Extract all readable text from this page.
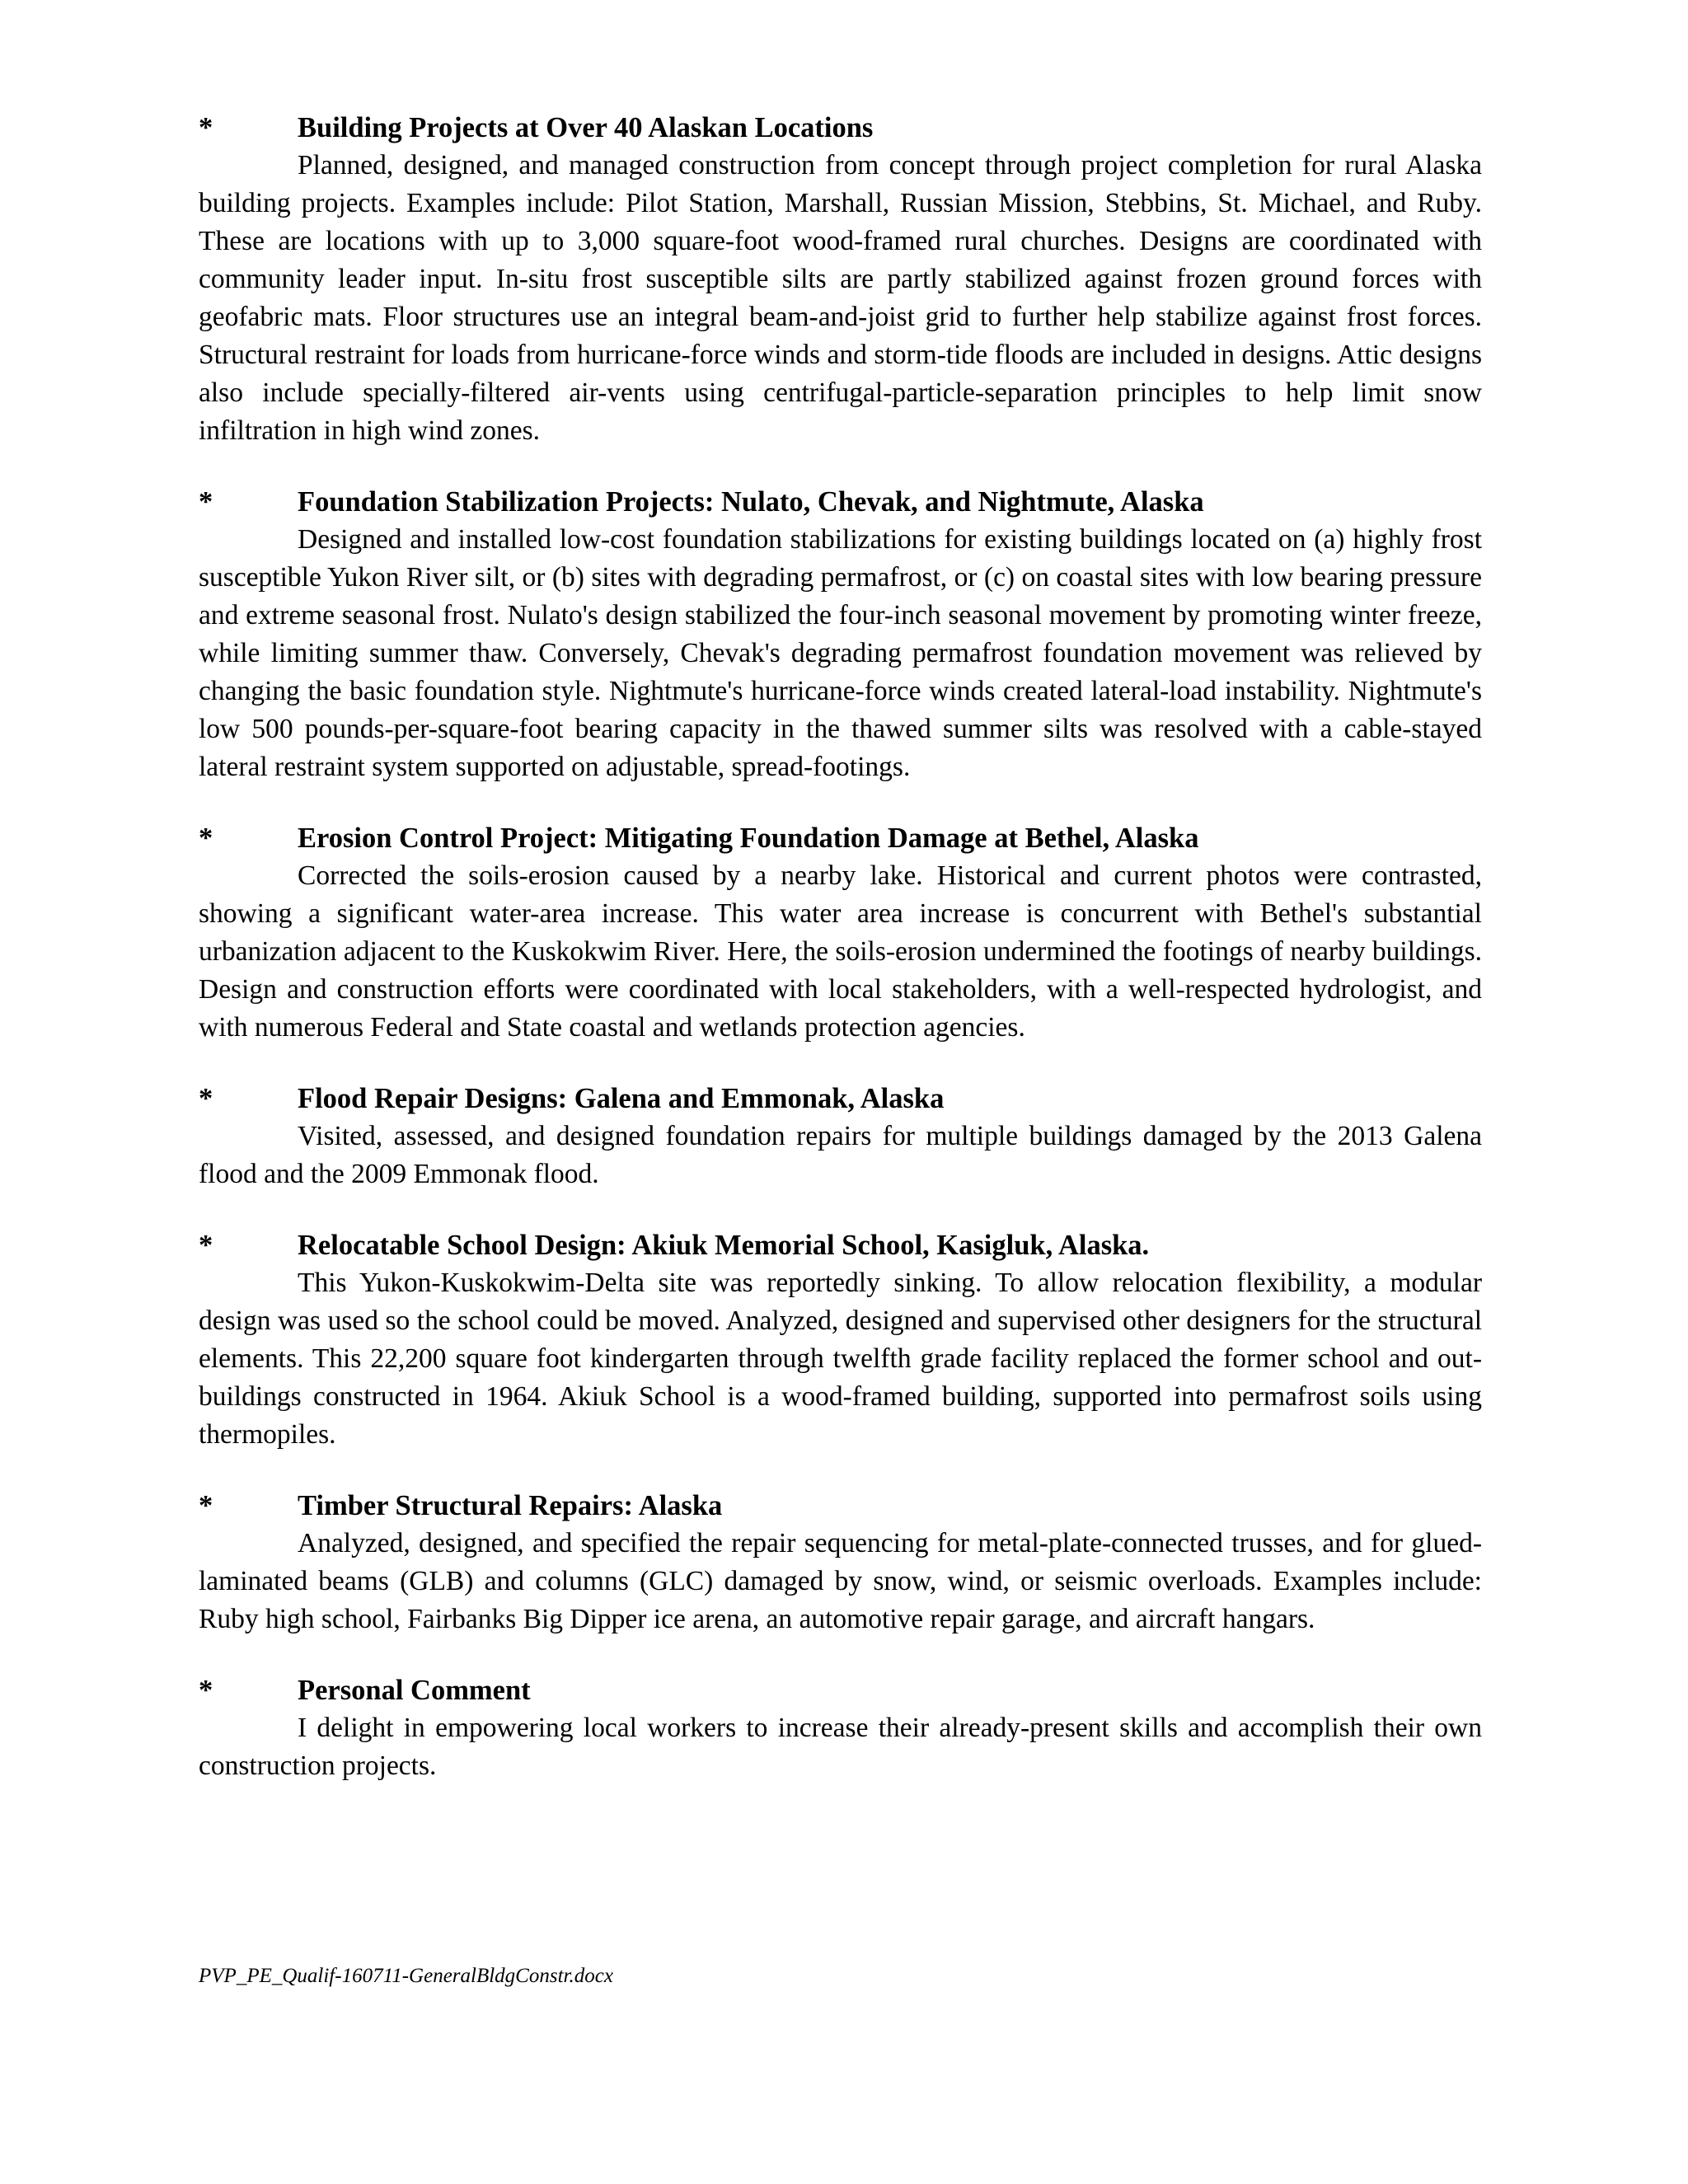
*	Building Projects at Over 40 Alaskan Locations

Planned, designed, and managed construction from concept through project completion for rural Alaska building projects. Examples include: Pilot Station, Marshall, Russian Mission, Stebbins, St. Michael, and Ruby. These are locations with up to 3,000 square-foot wood-framed rural churches. Designs are coordinated with community leader input. In-situ frost susceptible silts are partly stabilized against frozen ground forces with geofabric mats. Floor structures use an integral beam-and-joist grid to further help stabilize against frost forces. Structural restraint for loads from hurricane-force winds and storm-tide floods are included in designs. Attic designs also include specially-filtered air-vents using centrifugal-particle-separation principles to help limit snow infiltration in high wind zones.

*	Foundation Stabilization Projects: Nulato, Chevak, and Nightmute, Alaska

Designed and installed low-cost foundation stabilizations for existing buildings located on (a) highly frost susceptible Yukon River silt, or (b) sites with degrading permafrost, or (c) on coastal sites with low bearing pressure and extreme seasonal frost. Nulato's design stabilized the four-inch seasonal movement by promoting winter freeze, while limiting summer thaw. Conversely, Chevak's degrading permafrost foundation movement was relieved by changing the basic foundation style. Nightmute's hurricane-force winds created lateral-load instability. Nightmute's low 500 pounds-per-square-foot bearing capacity in the thawed summer silts was resolved with a cable-stayed lateral restraint system supported on adjustable, spread-footings.

*	Erosion Control Project: Mitigating Foundation Damage at Bethel, Alaska

Corrected the soils-erosion caused by a nearby lake. Historical and current photos were contrasted, showing a significant water-area increase. This water area increase is concurrent with Bethel's substantial urbanization adjacent to the Kuskokwim River. Here, the soils-erosion undermined the footings of nearby buildings. Design and construction efforts were coordinated with local stakeholders, with a well-respected hydrologist, and with numerous Federal and State coastal and wetlands protection agencies.

*	Flood Repair Designs: Galena and Emmonak, Alaska

Visited, assessed, and designed foundation repairs for multiple buildings damaged by the 2013 Galena flood and the 2009 Emmonak flood.

*	Relocatable School Design: Akiuk Memorial School, Kasigluk, Alaska.

This Yukon-Kuskokwim-Delta site was reportedly sinking. To allow relocation flexibility, a modular design was used so the school could be moved. Analyzed, designed and supervised other designers for the structural elements. This 22,200 square foot kindergarten through twelfth grade facility replaced the former school and out-buildings constructed in 1964. Akiuk School is a wood-framed building, supported into permafrost soils using thermopiles.

*	Timber Structural Repairs: Alaska

Analyzed, designed, and specified the repair sequencing for metal-plate-connected trusses, and for glued-laminated beams (GLB) and columns (GLC) damaged by snow, wind, or seismic overloads. Examples include: Ruby high school, Fairbanks Big Dipper ice arena, an automotive repair garage, and aircraft hangars.

*	Personal Comment

I delight in empowering local workers to increase their already-present skills and accomplish their own construction projects.

PVP_PE_Qualif-160711-GeneralBldgConstr.docx
